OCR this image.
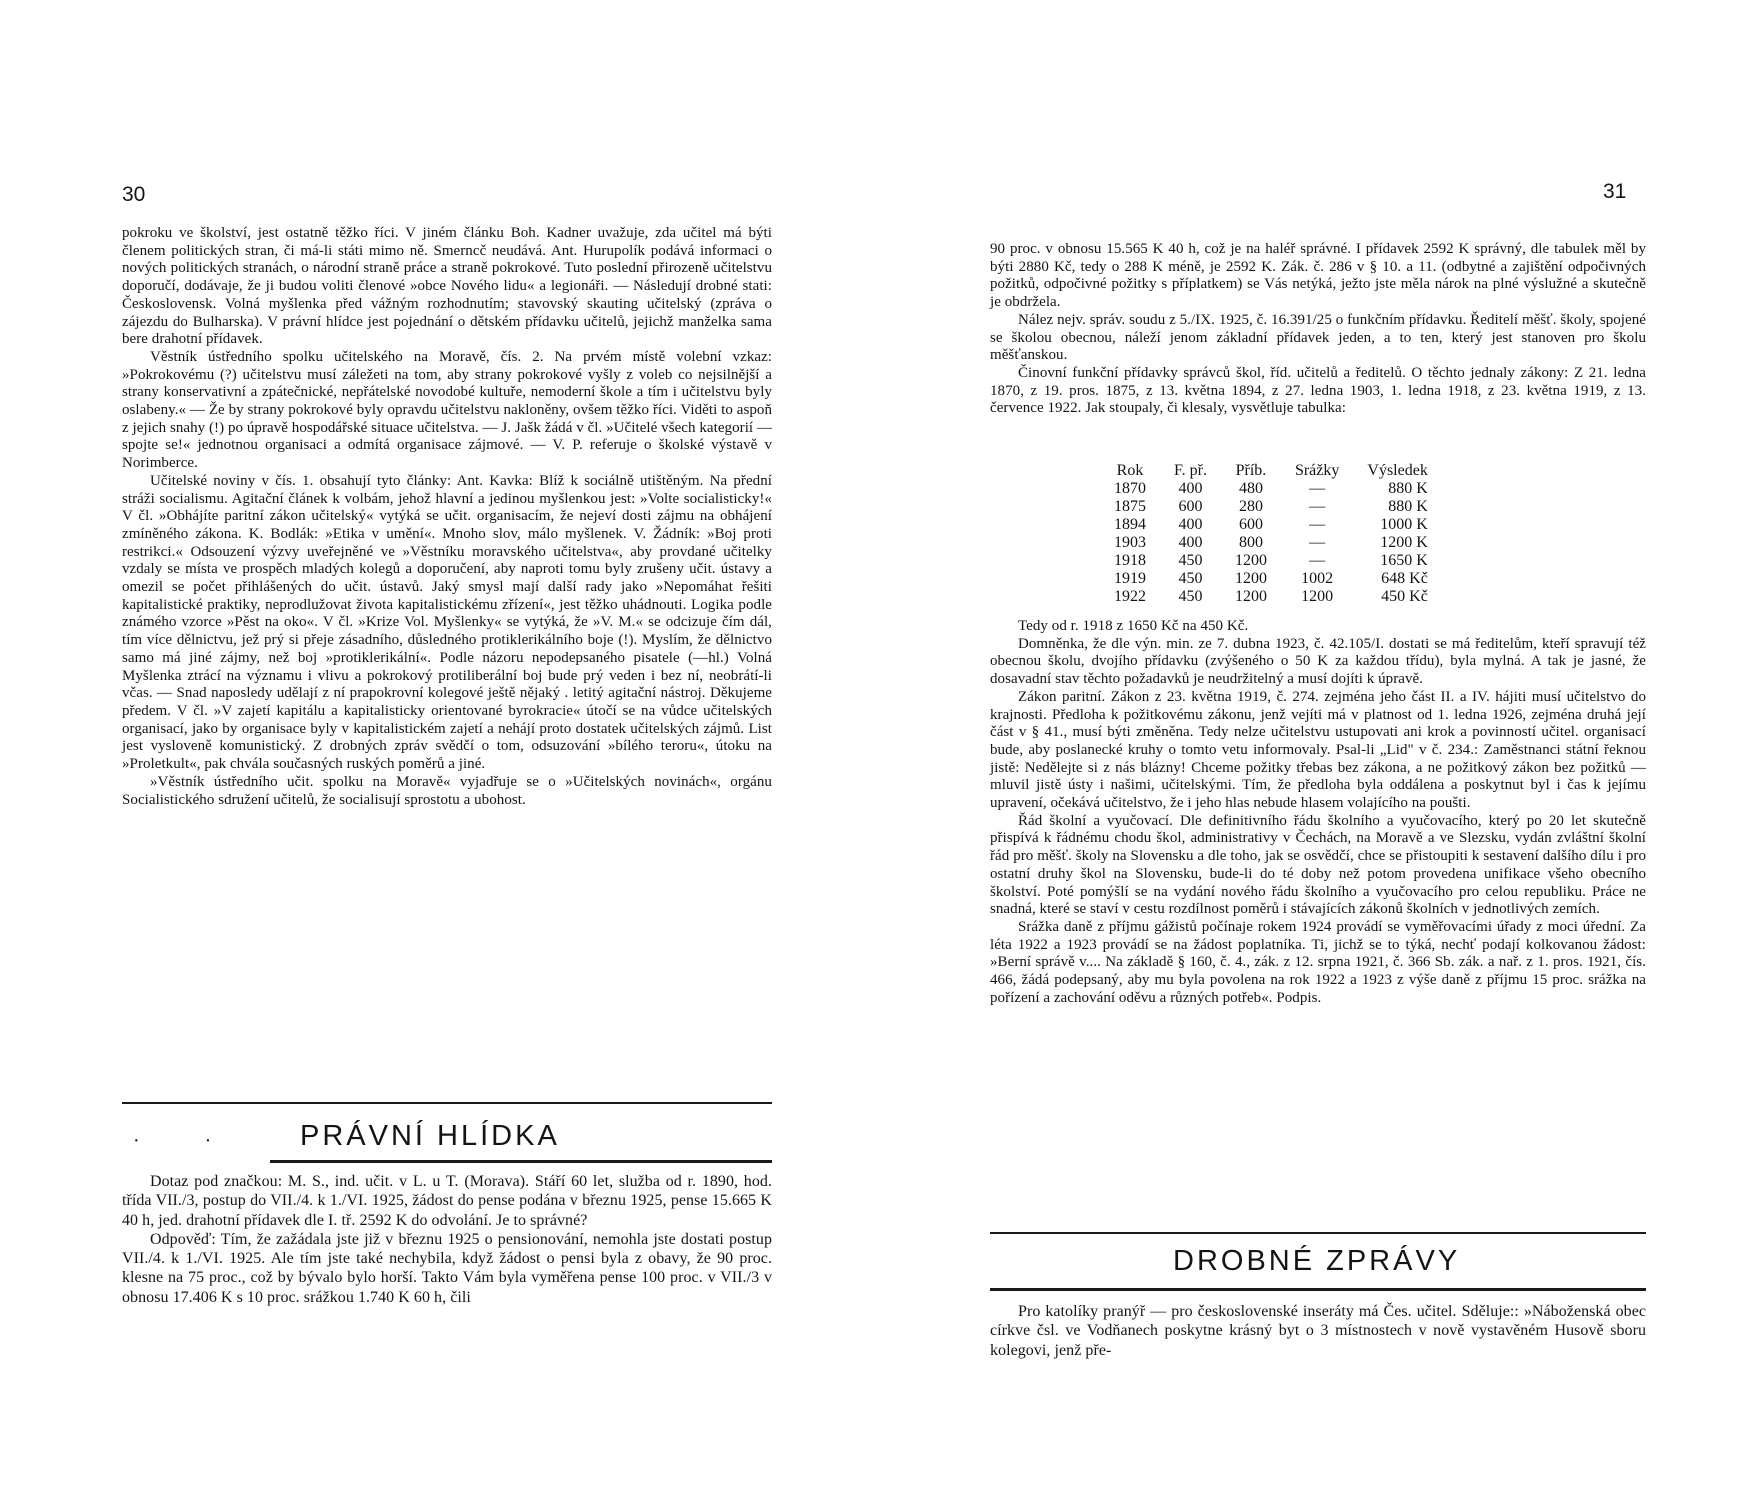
30

pokroku ve školství, jest ostatně těžko říci. V jiném článku Boh. Kadner uvažuje, zda učitel má býti členem politických stran, či má-li státi mimo ně. Smerncč neudává. Ant. Hurupolík podává informaci o nových politických stranách, o národní straně práce a straně pokrokové. Tuto poslední přirozeně učitelstvu doporučí, dodávaje, že ji budou voliti členové »obce Nového lidu« a legionáři. — Následují drobné stati: Československ. Volná myšlenka před vážným rozhodnutím; stavovský skauting učitelský (zpráva o zájezdu do Bulharska). V právní hlídce jest pojednání o dětském přídavku učitelů, jejichž manželka sama bere drahotní přídavek.

Věstník ústředního spolku učitelského na Moravě, čís. 2. Na prvém místě volební vzkaz: »Pokrokovému (?) učitelstvu musí záležeti na tom, aby strany pokrokové vyšly z voleb co nejsilnější a strany konservativní a zpátečnické, nepřátelské novodobé kultuře, nemoderní škole a tím i učitelstvu byly oslabeny.« — Že by strany pokrokové byly opravdu učitelstvu nakloněny, ovšem těžko říci. Viděti to aspoň z jejich snahy (!) po úpravě hospodářské situace učitelstva. — J. Jašk žádá v čl. »Učitelé všech kategorií — spojte se!« jednotnou organisaci a odmítá organisace zájmové. — V. P. referuje o školské výstavě v Norimberce.

Učitelské noviny v čís. 1. obsahují tyto články: Ant. Kavka: Blíž k sociálně utištěným. Na přední stráži socialismu. Agitační článek k volbám, jehož hlavní a jedinou myšlenkou jest: »Volte socialisticky!« V čl. »Obhájíte paritní zákon učitelský« vytýká se učit. organisacím, že nejeví dosti zájmu na obhájení zmíněného zákona. K. Bodlák: »Etika v umění«. Mnoho slov, málo myšlenek. V. Žádník: »Boj proti restrikci.« Odsouzení výzvy uveřejněné ve »Věstníku moravského učitelstva«, aby provdané učitelky vzdaly se místa ve prospěch mladých kolegů a doporučení, aby naproti tomu byly zrušeny učit. ústavy a omezil se počet přihlášených do učit. ústavů. Jaký smysl mají další rady jako »Nepomáhat řešiti kapitalistické praktiky, neprodlužovat života kapitalistickému zřízení«, jest těžko uhádnouti. Logika podle známého vzorce »Pěst na oko«. V čl. »Krize Vol. Myšlenky« se vytýká, že »V. M.« se odcizuje čím dál, tím více dělnictvu, jež prý si přeje zásadního, důsledného protiklerikálního boje (!). Myslím, že dělnictvo samo má jiné zájmy, než boj »protiklerikální«. Podle názoru nepodepsaného pisatele (—hl.) Volná Myšlenka ztrácí na významu i vlivu a pokrokový protiliberální boj bude prý veden i bez ní, neobrátí-li včas. — Snad naposledy udělají z ní prapokrovní kolegové ještě nějaký . letitý agitační nástroj. Děkujeme předem. V čl. »V zajetí kapitálu a kapitalisticky orientované byrokracie« útočí se na vůdce učitelských organisací, jako by organisace byly v kapitalistickém zajetí a nehájí proto dostatek učitelských zájmů. List jest vysloveně komunistický. Z drobných zpráv svědčí o tom, odsuzování »bílého teroru«, útoku na »Proletkult«, pak chvála současných ruských poměrů a jiné.

»Věstník ústředního učit. spolku na Moravě« vyjadřuje se o »Učitelských novinách«, orgánu Socialistického sdružení učitelů, že socialisují sprostotu a ubohost.

· · PRÁVNÍ HLÍDKA

Dotaz pod značkou: M. S., ind. učit. v L. u T. (Morava). Stáří 60 let, služba od r. 1890, hod. třída VII./3, postup do VII./4. k 1./VI. 1925, žádost do pense podána v březnu 1925, pense 15.665 K 40 h, jed. drahotní přídavek dle I. tř. 2592 K do odvolání. Je to správné?

Odpověď: Tím, že zažádala jste již v březnu 1925 o pensionování, nemohla jste dostati postup VII./4. k 1./VI. 1925. Ale tím jste také nechybila, když žádost o pensi byla z obavy, že 90 proc. klesne na 75 proc., což by bývalo bylo horší. Takto Vám byla vyměřena pense 100 proc. v VII./3 v obnosu 17.406 K s 10 proc. srážkou 1.740 K 60 h, čili

31

90 proc. v obnosu 15.565 K 40 h, což je na haléř správné. I přídavek 2592 K správný, dle tabulek měl by býti 2880 Kč, tedy o 288 K méně, je 2592 K. Zák. č. 286 v § 10. a 11. (odbytné a zajištění odpočivných požitků, odpočivné požitky s příplatkem) se Vás netýká, ježto jste měla nárok na plné výslužné a skutečně je obdržela.

Nález nejv. správ. soudu z 5./IX. 1925, č. 16.391/25 o funkčním přídavku. Ředitelí měšť. školy, spojené se školou obecnou, náleží jenom základní přídavek jeden, a to ten, který jest stanoven pro školu měšťanskou.

Činovní funkční přídavky správců škol, říd. učitelů a ředitelů. O těchto jednaly zákony: Z 21. ledna 1870, z 19. pros. 1875, z 13. května 1894, z 27. ledna 1903, 1. ledna 1918, z 23. května 1919, z 13. července 1922. Jak stoupaly, či klesaly, vysvětluje tabulka:

Rok	F. př.	Příb.	Srážky	Výsledek
1870	400	480	—	880 K
1875	600	280	—	880 K
1894	400	600	—	1000 K
1903	400	800	—	1200 K
1918	450	1200	—	1650 K
1919	450	1200	1002	648 Kč
1922	450	1200	1200	450 Kč

Tedy od r. 1918 z 1650 Kč na 450 Kč.

Domněnka, že dle výn. min. ze 7. dubna 1923, č. 42.105/I. dostati se má ředitelům, kteří spravují též obecnou školu, dvojího přídavku (zvýšeného o 50 K za každou třídu), byla mylná. A tak je jasné, že dosavadní stav těchto požadavků je neudržitelný a musí dojíti k úpravě.

Zákon paritní. Zákon z 23. května 1919, č. 274. zejména jeho část II. a IV. hájiti musí učitelstvo do krajnosti. Předloha k požitkovému zákonu, jenž vejíti má v platnost od 1. ledna 1926, zejména druhá její část v § 41., musí býti změněna. Tedy nelze učitelstvu ustupovati ani krok a povinností učitel. organisací bude, aby poslanecké kruhy o tomto vetu informovaly. Psal-li „Lid" v č. 234.: Zaměstnanci státní řeknou jistě: Nedělejte si z nás blázny! Chceme požitky třebas bez zákona, a ne požitkový zákon bez požitků — mluvil jistě ústy i našimi, učitelskými. Tím, že předloha byla oddálena a poskytnut byl i čas k jejímu upravení, očekává učitelstvo, že i jeho hlas nebude hlasem volajícího na poušti.

Řád školní a vyučovací. Dle definitivního řádu školního a vyučovacího, který po 20 let skutečně přispívá k řádnému chodu škol, administrativy v Čechách, na Moravě a ve Slezsku, vydán zvláštní školní řád pro měšť. školy na Slovensku a dle toho, jak se osvědčí, chce se přistoupiti k sestavení dalšího dílu i pro ostatní druhy škol na Slovensku, bude-li do té doby než potom provedena unifikace všeho obecního školství. Poté pomýšlí se na vydání nového řádu školního a vyučovacího pro celou republiku. Práce ne snadná, které se staví v cestu rozdílnost poměrů i stávajících zákonů školních v jednotlivých zemích.

Srážka daně z příjmu gážistů počínaje rokem 1924 provádí se vyměřovacími úřady z moci úřední. Za léta 1922 a 1923 provádí se na žádost poplatníka. Ti, jichž se to týká, nechť podají kolkovanou žádost: »Berní správě v.... Na základě § 160, č. 4., zák. z 12. srpna 1921, č. 366 Sb. zák. a nař. z 1. pros. 1921, čís. 466, žádá podepsaný, aby mu byla povolena na rok 1922 a 1923 z výše daně z příjmu 15 proc. srážka na pořízení a zachování oděvu a různých potřeb«. Podpis.

DROBNÉ ZPRÁVY

Pro katolíky pranýř — pro československé inseráty má Čes. učitel. Sděluje:: »Náboženská obec církve čsl. ve Vodňanech poskytne krásný byt o 3 místnostech v nově vystavěném Husově sboru kolegovi, jenž pře-
